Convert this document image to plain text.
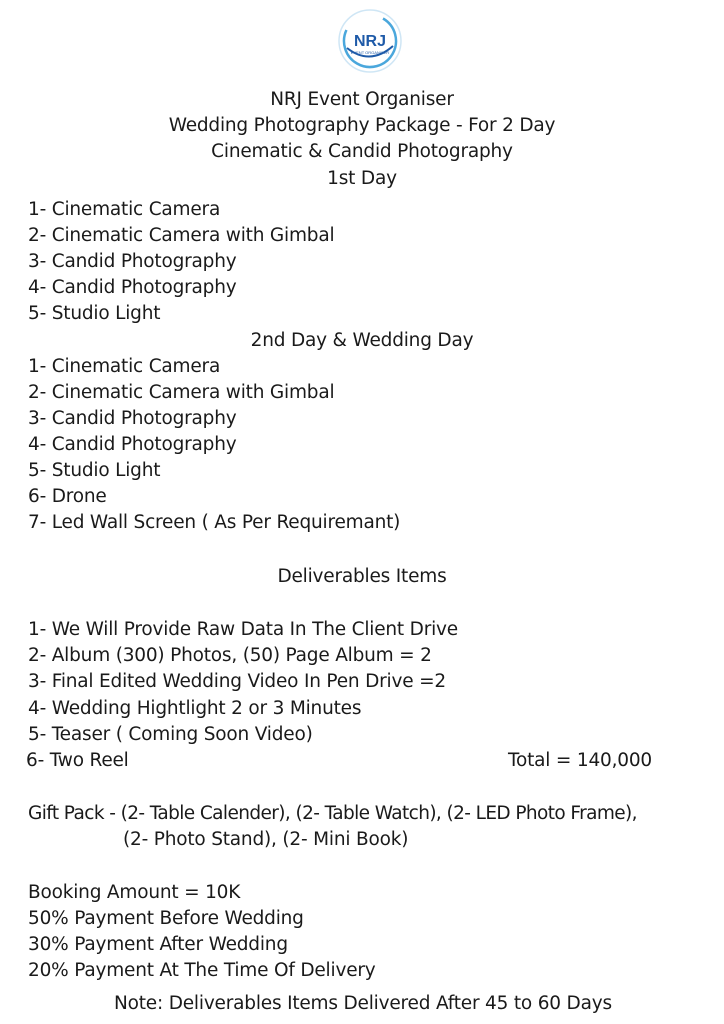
NRJ
EVENT ORGANISER
NRJ Event Organiser
Wedding Photography Package - For 2 Day
Cinematic & Candid Photography
1st Day
1- Cinematic Camera
2- Cinematic Camera with Gimbal
3- Candid Photography
4- Candid Photography
5- Studio Light
2nd Day & Wedding Day
1- Cinematic Camera
2- Cinematic Camera with Gimbal
3- Candid Photography
4- Candid Photography
5- Studio Light
6- Drone
7- Led Wall Screen ( As Per Requiremant)
Deliverables Items
1- We Will Provide Raw Data In The Client Drive
2- Album (300) Photos, (50) Page Album = 2
3- Final Edited Wedding Video In Pen Drive =2
4- Wedding Hightlight 2 or 3 Minutes
5- Teaser ( Coming Soon Video)
6- Two Reel	Total = 140,000
Gift Pack - (2- Table Calender), (2- Table Watch), (2- LED Photo Frame),
(2- Photo Stand), (2- Mini Book)
Booking Amount = 10K
50% Payment Before Wedding
30% Payment After Wedding
20% Payment At The Time Of Delivery
Note: Deliverables Items Delivered After 45 to 60 Days
